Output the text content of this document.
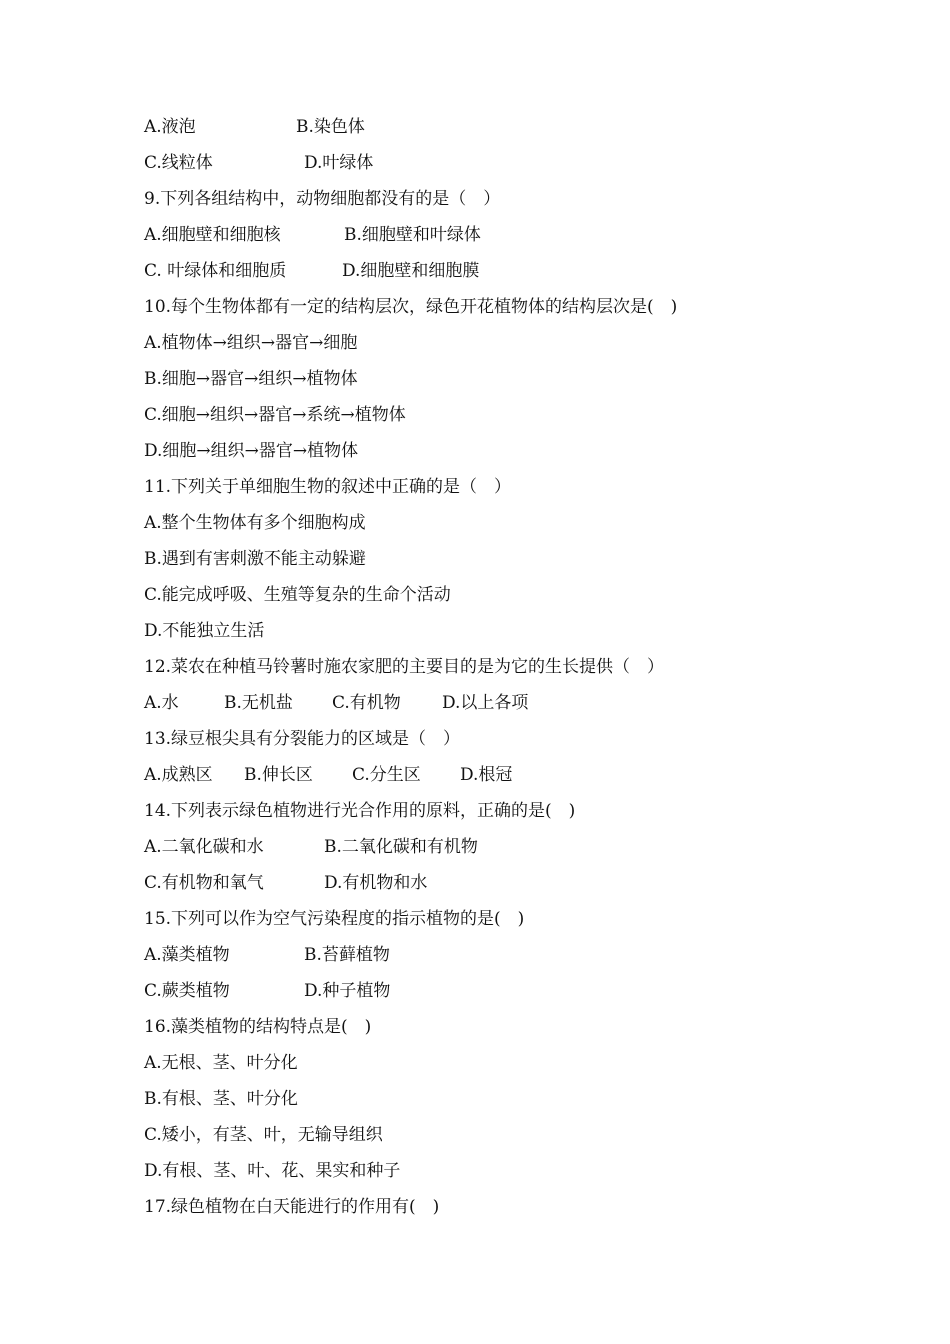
A.液泡	B.染色体
C.线粒体	D.叶绿体
9.下列各组结构中，动物细胞都没有的是（　）
A.细胞壁和细胞核	B.细胞壁和叶绿体
C. 叶绿体和细胞质	D.细胞壁和细胞膜
10.每个生物体都有一定的结构层次，绿色开花植物体的结构层次是(　)
A.植物体→组织→器官→细胞
B.细胞→器官→组织→植物体
C.细胞→组织→器官→系统→植物体
D.细胞→组织→器官→植物体
11.下列关于单细胞生物的叙述中正确的是（　）
A.整个生物体有多个细胞构成
B.遇到有害刺激不能主动躲避
C.能完成呼吸、生殖等复杂的生命个活动
D.不能独立生活
12.菜农在种植马铃薯时施农家肥的主要目的是为它的生长提供（　）
A.水	B.无机盐 C.有机物 D.以上各项
13.绿豆根尖具有分裂能力的区域是（　）
A.成熟区 B.伸长区 C.分生区 D.根冠
14.下列表示绿色植物进行光合作用的原料，正确的是(　)
A.二氧化碳和水	B.二氧化碳和有机物
C.有机物和氧气	D.有机物和水
15.下列可以作为空气污染程度的指示植物的是(　)
A.藻类植物	B.苔藓植物
C.蕨类植物	D.种子植物
16.藻类植物的结构特点是(　)
A.无根、茎、叶分化
B.有根、茎、叶分化
C.矮小，有茎、叶，无输导组织
D.有根、茎、叶、花、果实和种子
17.绿色植物在白天能进行的作用有(　)
